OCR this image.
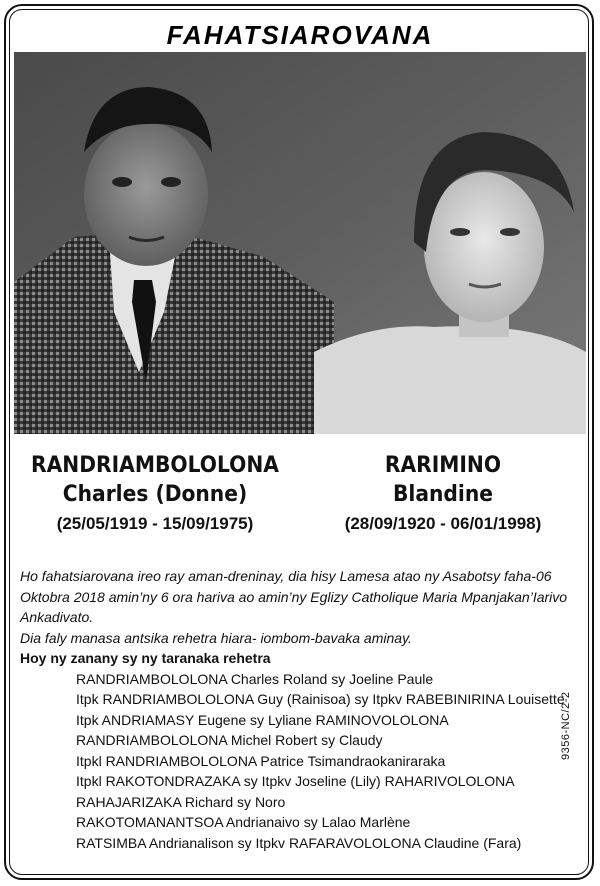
FAHATSIAROVANA
RANDRIAMBOLOLONA
Charles (Donne)
(25/05/1919 - 15/09/1975)
RARIMINO
Blandine
(28/09/1920 - 06/01/1998)

Ho fahatsiarovana ireo ray aman-dreninay, dia hisy Lamesa atao ny Asabotsy faha-06 Oktobra 2018 amin’ny 6 ora hariva ao amin’ny Eglizy Catholique Maria Mpanjakan’Iarivo Ankadivato.

Dia faly manasa antsika rehetra hiara- iombom-bavaka aminay.

Hoy ny zanany sy ny taranaka rehetra

RANDRIAMBOLOLONA Charles Roland sy Joeline Paule

Itpk RANDRIAMBOLOLONA Guy (Rainisoa) sy Itpkv RABEBINIRINA Louisette

Itpk ANDRIAMASY Eugene sy Lyliane RAMINOVOLOLONA

RANDRIAMBOLOLONA Michel Robert sy Claudy

Itpkl RANDRIAMBOLOLONA Patrice Tsimandraokaniraraka

Itpkl RAKOTONDRAZAKA sy Itpkv Joseline (Lily) RAHARIVOLOLONA

RAHAJARIZAKA Richard sy Noro

RAKOTOMANANTSOA Andrianaivo sy Lalao Marlène

RATSIMBA Andrianalison sy Itpkv RAFARAVOLOLONA Claudine (Fara)

9356-NC/2-2
